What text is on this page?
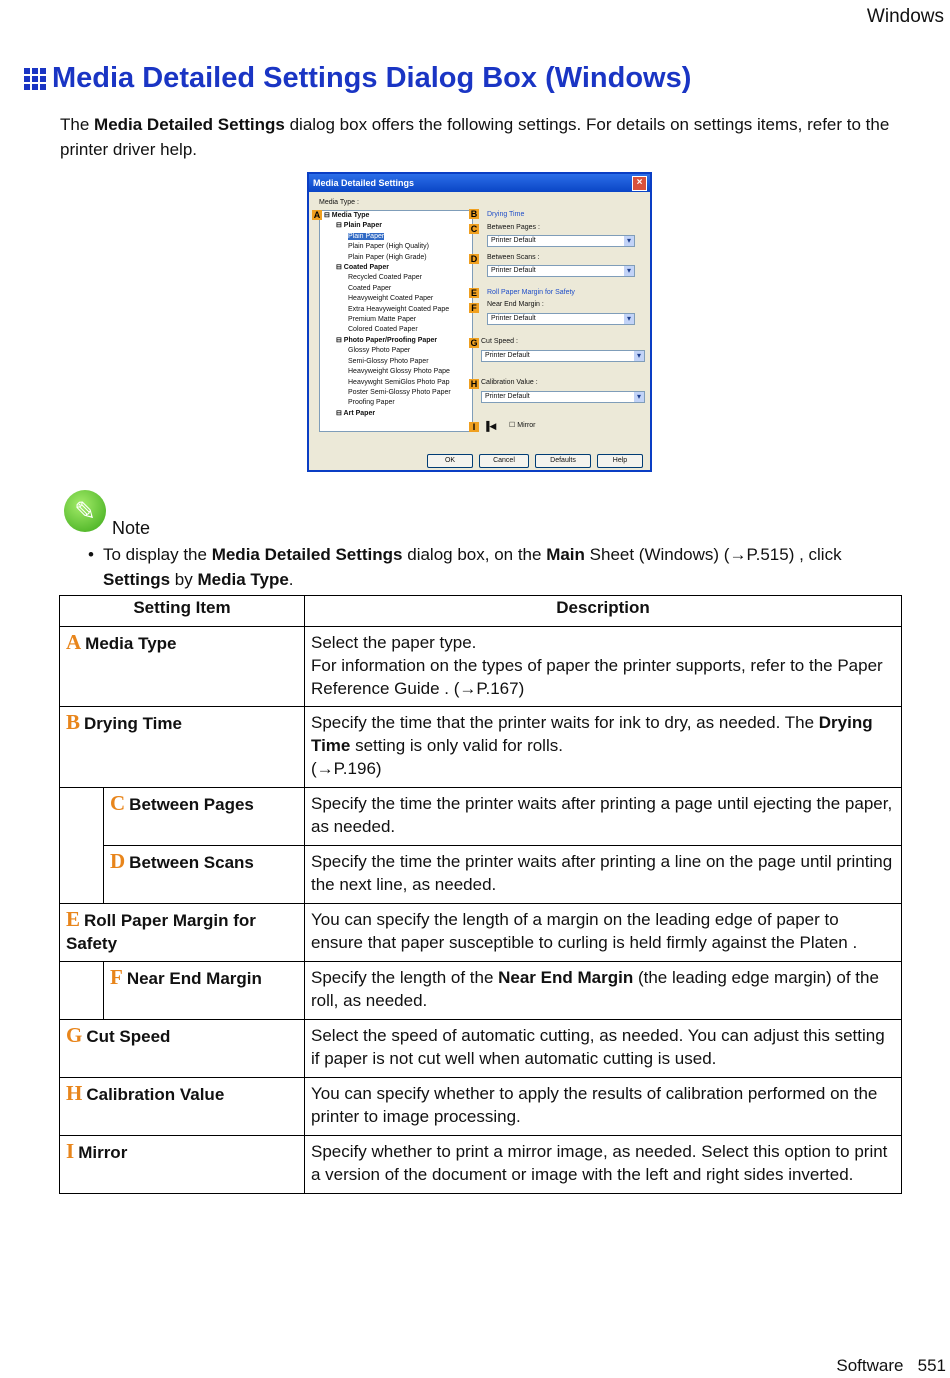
Windows
Media Detailed Settings Dialog Box (Windows)
The Media Detailed Settings dialog box offers the following settings. For details on settings items, refer to the printer driver help.
Media Detailed Settings	×
Media Type :
⊟ Media Type
⊟ Plain Paper
Plain Paper
Plain Paper (High Quality)
Plain Paper (High Grade)
⊟ Coated Paper
Recycled Coated Paper
Coated Paper
Heavyweight Coated Paper
Extra Heavyweight Coated Pape
Premium Matte Paper
Colored Coated Paper
⊟ Photo Paper/Proofing Paper
Glossy Photo Paper
Semi-Glossy Photo Paper
Heavyweight Glossy Photo Pape
Heavywght SemiGlos Photo Pap
Poster Semi-Glossy Photo Paper
Proofing Paper
⊟ Art Paper
A	B
C
D
E
F
G
H
I
Drying Time
Between Pages :
Printer Default ▾
Between Scans :
Printer Default ▾
Roll Paper Margin for Safety
Near End Margin :
Printer Default ▾
Cut Speed :
Printer Default ▾
Calibration Value :
Printer Default ▾
▐◀ ☐ Mirror
OK	Cancel	Defaults	Help
✎
Note
• To display the Media Detailed Settings dialog box, on the Main Sheet (Windows) (→P.515) , click Settings by Media Type.
Setting Item		Description
A Media Type		Select the paper type.
For information on the types of paper the printer supports, refer to the Paper Reference Guide . (→P.167)
B Drying Time		Specify the time that the printer waits for ink to dry, as needed. The Drying Time setting is only valid for rolls.
(→P.196)
	C Between Pages	Specify the time the printer waits after printing a page until ejecting the paper, as needed.
	D Between Scans	Specify the time the printer waits after printing a line on the page until printing the next line, as needed.
E Roll Paper Margin for Safety		You can specify the length of a margin on the leading edge of paper to ensure that paper susceptible to curling is held firmly against the Platen .
	F Near End Margin	Specify the length of the Near End Margin (the leading edge margin) of the roll, as needed.
G Cut Speed		Select the speed of automatic cutting, as needed. You can adjust this setting if paper is not cut well when automatic cutting is used.
H Calibration Value		You can specify whether to apply the results of calibration performed on the printer to image processing.
I Mirror		Specify whether to print a mirror image, as needed. Select this option to print a version of the document or image with the left and right sides inverted.
Software 551
